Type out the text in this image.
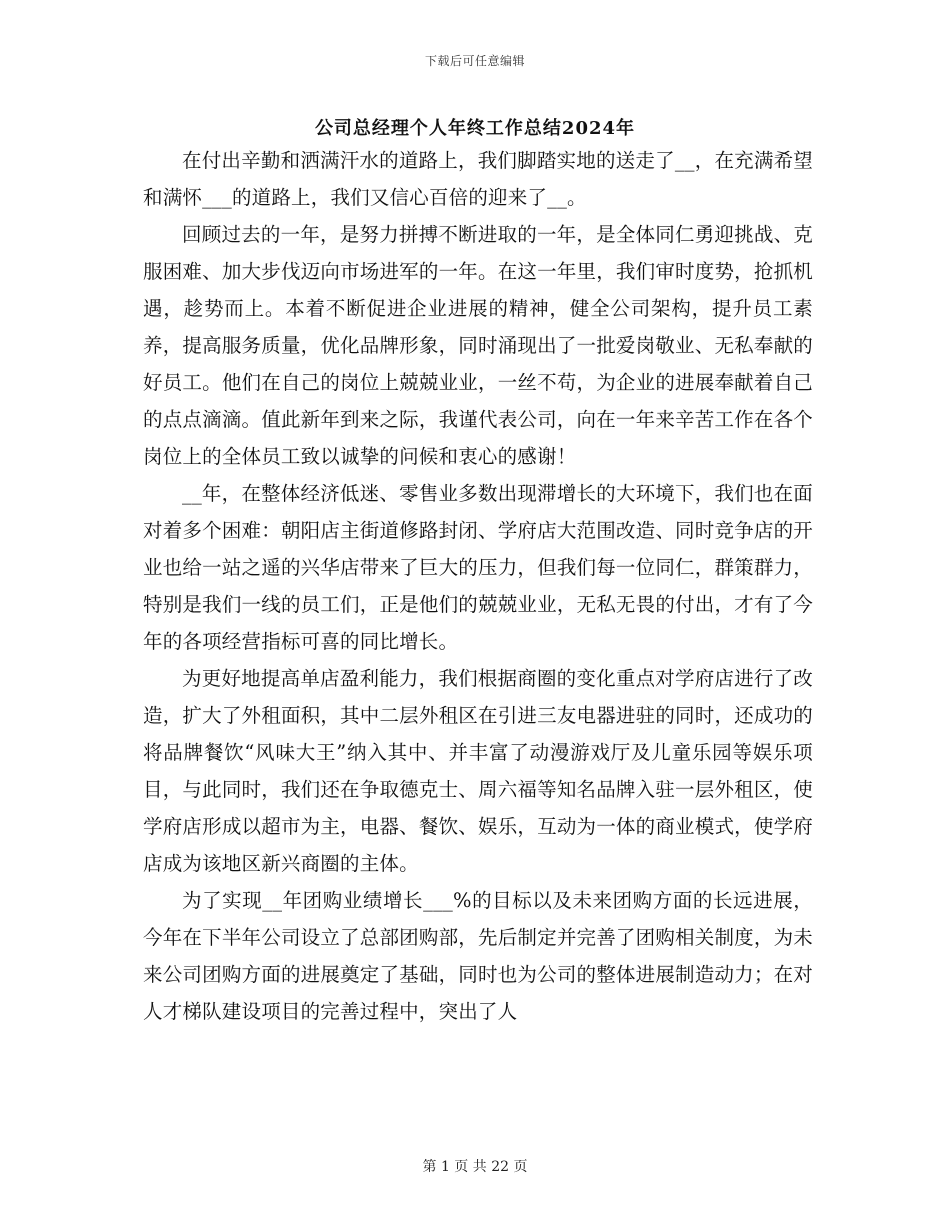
下载后可任意编辑
公司总经理个人年终工作总结2024年

在付出辛勤和洒满汗水的道路上，我们脚踏实地的送走了__，在充满希望和满怀___的道路上，我们又信心百倍的迎来了__。

回顾过去的一年，是努力拼搏不断进取的一年，是全体同仁勇迎挑战、克服困难、加大步伐迈向市场进军的一年。在这一年里，我们审时度势，抢抓机遇，趁势而上。本着不断促进企业进展的精神，健全公司架构，提升员工素养，提高服务质量，优化品牌形象，同时涌现出了一批爱岗敬业、无私奉献的好员工。他们在自己的岗位上兢兢业业，一丝不苟，为企业的进展奉献着自己的点点滴滴。值此新年到来之际，我谨代表公司，向在一年来辛苦工作在各个岗位上的全体员工致以诚挚的问候和衷心的感谢！

__年，在整体经济低迷、零售业多数出现滞增长的大环境下，我们也在面对着多个困难：朝阳店主街道修路封闭、学府店大范围改造、同时竞争店的开业也给一站之遥的兴华店带来了巨大的压力，但我们每一位同仁，群策群力，特别是我们一线的员工们，正是他们的兢兢业业，无私无畏的付出，才有了今年的各项经营指标可喜的同比增长。

为更好地提高单店盈利能力，我们根据商圈的变化重点对学府店进行了改造，扩大了外租面积，其中二层外租区在引进三友电器进驻的同时，还成功的将品牌餐饮“风味大王”纳入其中、并丰富了动漫游戏厅及儿童乐园等娱乐项目，与此同时，我们还在争取德克士、周六福等知名品牌入驻一层外租区，使学府店形成以超市为主，电器、餐饮、娱乐，互动为一体的商业模式，使学府店成为该地区新兴商圈的主体。

为了实现__年团购业绩增长___%的目标以及未来团购方面的长远进展，今年在下半年公司设立了总部团购部，先后制定并完善了团购相关制度，为未来公司团购方面的进展奠定了基础，同时也为公司的整体进展制造动力；在对人才梯队建设项目的完善过程中，突出了人

第 1 页 共 22 页
